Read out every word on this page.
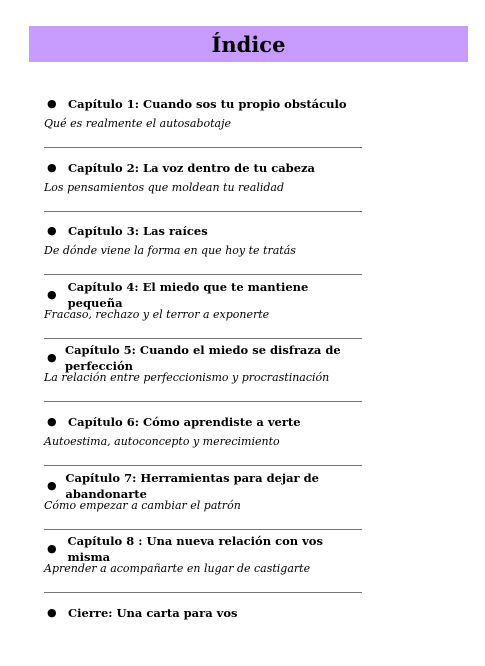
Índice
● Capítulo 1: Cuando sos tu propio obstáculo
Qué es realmente el autosabotaje
● Capítulo 2: La voz dentro de tu cabeza
Los pensamientos que moldean tu realidad
● Capítulo 3: Las raíces
De dónde viene la forma en que hoy te tratás
●
Capítulo 4: El miedo que te mantiene pequeña
Fracaso, rechazo y el terror a exponerte
●
Capítulo 5: Cuando el miedo se disfraza de perfección
La relación entre perfeccionismo y procrastinación
● Capítulo 6: Cómo aprendiste a verte
Autoestima, autoconcepto y merecimiento
●
Capítulo 7: Herramientas para dejar de abandonarte
Cómo empezar a cambiar el patrón
●
Capítulo 8 : Una nueva relación con vos misma
Aprender a acompañarte en lugar de castigarte
● Cierre: Una carta para vos
